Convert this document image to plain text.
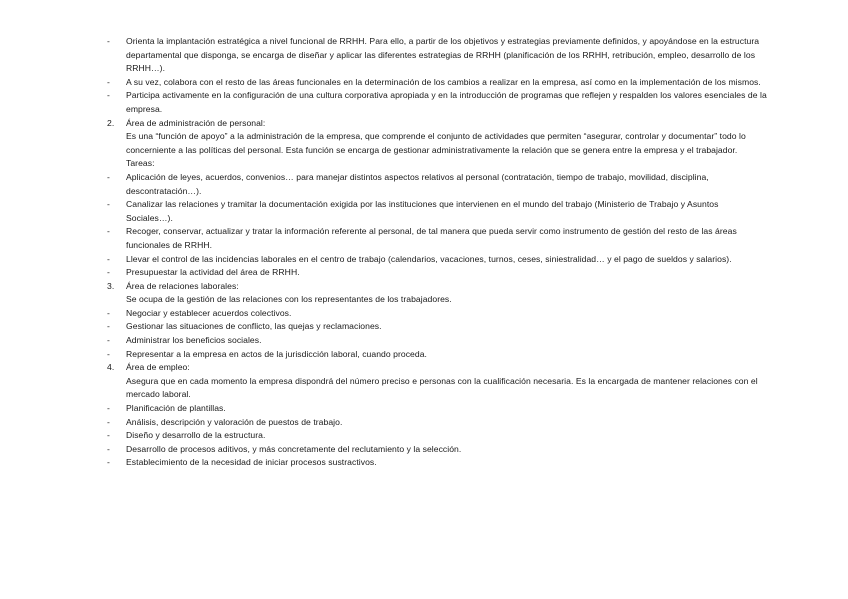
- Orienta la implantación estratégica a nivel funcional de RRHH. Para ello, a partir de los objetivos y estrategias previamente definidos, y apoyándose en la estructura departamental que disponga, se encarga de diseñar y aplicar las diferentes estrategias de RRHH (planificación de los RRHH, retribución, empleo, desarrollo de los RRHH…).
- A su vez, colabora con el resto de las áreas funcionales en la determinación de los cambios a realizar en la empresa, así como en la implementación de los mismos.
- Participa activamente en la configuración de una cultura corporativa apropiada y en la introducción de programas que reflejen y respalden los valores esenciales de la empresa.
2. Área de administración de personal:
Es una “función de apoyo” a la administración de la empresa, que comprende el conjunto de actividades que permiten “asegurar, controlar y documentar” todo lo concerniente a las políticas del personal. Esta función se encarga de gestionar administrativamente la relación que se genera entre la empresa y el trabajador. Tareas:
- Aplicación de leyes, acuerdos, convenios… para manejar distintos aspectos relativos al personal (contratación, tiempo de trabajo, movilidad, disciplina, descontratación…).
- Canalizar las relaciones y tramitar la documentación exigida por las instituciones que intervienen en el mundo del trabajo (Ministerio de Trabajo y Asuntos Sociales…).
- Recoger, conservar, actualizar y tratar la información referente al personal, de tal manera que pueda servir como instrumento de gestión del resto de las áreas funcionales de RRHH.
- Llevar el control de las incidencias laborales en el centro de trabajo (calendarios, vacaciones, turnos, ceses, siniestralidad… y el pago de sueldos y salarios).
- Presupuestar la actividad del área de RRHH.
3. Área de relaciones laborales:
Se ocupa de la gestión de las relaciones con los representantes de los trabajadores.
- Negociar y establecer acuerdos colectivos.
- Gestionar las situaciones de conflicto, las quejas y reclamaciones.
- Administrar los beneficios sociales.
- Representar a la empresa en actos de la jurisdicción laboral, cuando proceda.
4. Área de empleo:
Asegura que en cada momento la empresa dispondrá del número preciso e personas con la cualificación necesaria. Es la encargada de mantener relaciones con el mercado laboral.
- Planificación de plantillas.
- Análisis, descripción y valoración de puestos de trabajo.
- Diseño y desarrollo de la estructura.
- Desarrollo de procesos aditivos, y más concretamente del reclutamiento y la selección.
- Establecimiento de la necesidad de iniciar procesos sustractivos.
